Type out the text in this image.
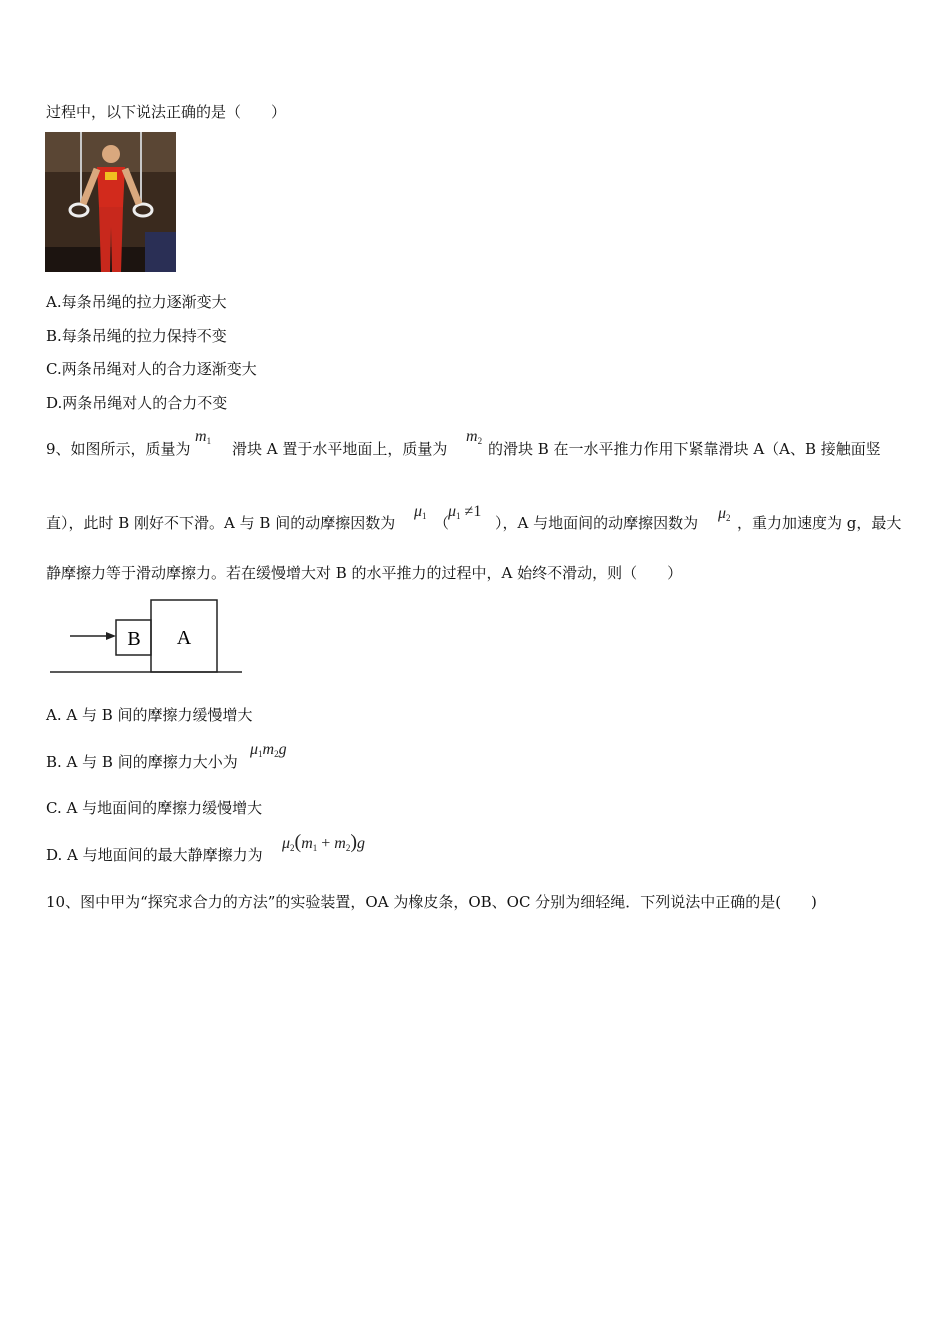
过程中，以下说法正确的是（　　）
A.每条吊绳的拉力逐渐变大
B.每条吊绳的拉力保持不变
C.两条吊绳对人的合力逐渐变大
D.两条吊绳对人的合力不变
9、如图所示，质量为
$m_1$ 滑块 A 置于水平地面上，质量为
$m_2$ 的滑块 B 在一水平推力作用下紧靠滑块 A（A、B 接触面竖
直），此时 B 刚好不下滑。A 与 B 间的动摩擦因数为
$\mu_1$ （
$\mu_1 \ne 1$
），A 与地面间的动摩擦因数为
$\mu_2$ ，重力加速度为 g，最大
静摩擦力等于滑动摩擦力。若在缓慢增大对 B 的水平推力的过程中，A 始终不滑动，则（　　）
B A
A. A 与 B 间的摩擦力缓慢增大
B. A 与 B 间的摩擦力大小为
$\mu_1m_2g$
C. A 与地面间的摩擦力缓慢增大
D. A 与地面间的最大静摩擦力为
$\mu_2(m_1 + m_2)g$
10、图中甲为“探究求合力的方法”的实验装置，OA 为橡皮条，OB、OC 分别为细轻绳．下列说法中正确的是(　　)
